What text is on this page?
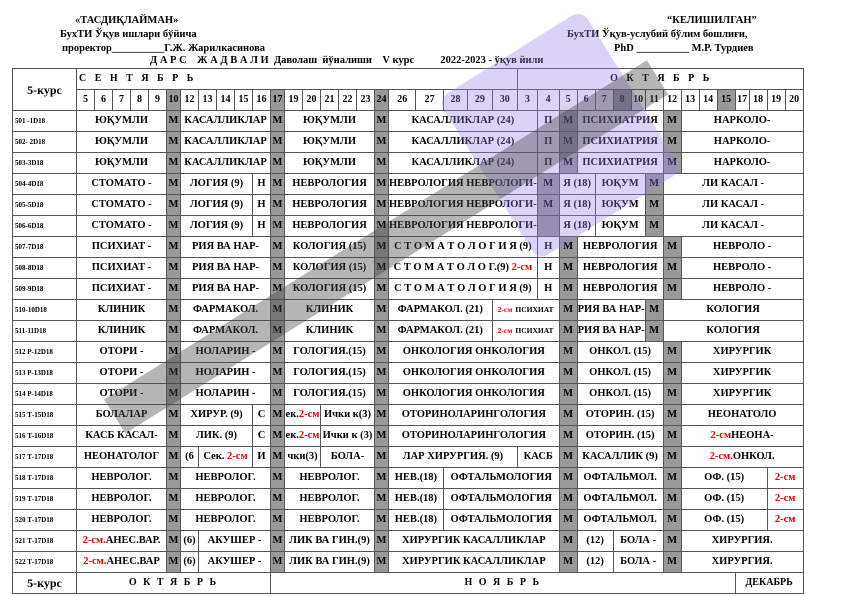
«ТАСДИҚЛАЙМАН»
БухТИ Ўқув ишлари бўйича
проректор__________Г.Ж. Жарилкасинова
“КЕЛИШИЛГАН”
БухТИ Ўқув-услубий бўлим бошлиғи,
PhD __________ М.Р. Турдиев
Д А Р С    Ж А Д В А Л И  Даволаш  йўналиши    V курс          2022-2023 - ўқув йили
5-курс	С Е Н Т Я Б Р Ь																							О К Т Я Б Р Ь															
	5	6	7	8	9	10	12	13	14	15	16	17	19	20	21	22	23	24	26	27	28	29	30	3	4	5	6	7	8	10	11	12	13	14	15	17	18	19	20
501 -1D18	ЮҚУМЛИ					М	КАСАЛЛИКЛАР					М	ЮҚУМЛИ					М	КАСАЛЛИКЛАР (24)						П	М	ПСИХИАТРИЯ					М	НАРКОЛО-						
502- 2D18	ЮҚУМЛИ					М	КАСАЛЛИКЛАР					М	ЮҚУМЛИ					М	КАСАЛЛИКЛАР (24)						П	М	ПСИХИАТРИЯ					М	НАРКОЛО-						
503-3D18	ЮҚУМЛИ					М	КАСАЛЛИКЛАР					М	ЮҚУМЛИ					М	КАСАЛЛИКЛАР (24)						П	М	ПСИХИАТРИЯ					М	НАРКОЛО-						
504-4D18	СТОМАТО -					М	ЛОГИЯ (9)				Н	М	НЕВРОЛОГИЯ					М	НЕВРОЛОГИЯ НЕВРОЛОГИ-						М	Я (18)		ЮҚУМ			М	ЛИ КАСАЛ -							
505-5D18	СТОМАТО -					М	ЛОГИЯ (9)				Н	М	НЕВРОЛОГИЯ					М	НЕВРОЛОГИЯ НЕВРОЛОГИ-						М	Я (18)		ЮҚУМ			М	ЛИ КАСАЛ -							
506-6D18	СТОМАТО -					М	ЛОГИЯ (9)				Н	М	НЕВРОЛОГИЯ					М	НЕВРОЛОГИЯ НЕВРОЛОГИ-							Я (18)		ЮҚУМ			М	ЛИ КАСАЛ -							
507-7D18	ПСИХИАТ -					М	РИЯ ВА НАР-					М	КОЛОГИЯ (15)					М	С Т О М А Т О Л О Г И Я (9)						Н	М	НЕВРОЛОГИЯ					М	НЕВРОЛО -						
508-8D18	ПСИХИАТ -					М	РИЯ ВА НАР-					М	КОЛОГИЯ (15)					М	С Т О М А Т О Л О Г.(9) 2-см						Н	М	НЕВРОЛОГИЯ					М	НЕВРОЛО -						
509-9D18	ПСИХИАТ -					М	РИЯ ВА НАР-					М	КОЛОГИЯ (15)					М	С Т О М А Т О Л О Г И Я (9)						Н	М	НЕВРОЛОГИЯ					М	НЕВРОЛО -						
510-10D18	КЛИНИК					М	ФАРМАКОЛ.					М	КЛИНИК					М	ФАРМАКОЛ. (21)				2-см ПСИХИАТ			М	РИЯ ВА НАР-				М	КОЛОГИЯ							
511-11D18	КЛИНИК					М	ФАРМАКОЛ.					М	КЛИНИК					М	ФАРМАКОЛ. (21)				2-см ПСИХИАТ			М	РИЯ ВА НАР-				М	КОЛОГИЯ							
512 Р-12D18	ОТОРИ -					М	НОЛАРИН -					М	ГОЛОГИЯ.(15)					М	ОНКОЛОГИЯ ОНКОЛОГИЯ							М	ОНКОЛ. (15)					М	ХИРУРГИК						
513 Р-13D18	ОТОРИ -					М	НОЛАРИН -					М	ГОЛОГИЯ.(15)					М	ОНКОЛОГИЯ ОНКОЛОГИЯ							М	ОНКОЛ. (15)					М	ХИРУРГИК						
514 Р-14D18	ОТОРИ -					М	НОЛАРИН -					М	ГОЛОГИЯ.(15)					М	ОНКОЛОГИЯ ОНКОЛОГИЯ							М	ОНКОЛ. (15)					М	ХИРУРГИК						
515 Т-15D18	БОЛАЛАР					М	ХИРУР. (9)				С	М	ек.2-см		Ички к(3)			М	ОТОРИНОЛАРИНГОЛОГИЯ							М	ОТОРИН. (15)					М	НЕОНАТОЛО						
516 Т-16D18	КАСБ КАСАЛ-					М	ЛИК. (9)				С	М	ек.2-см		Ички к (3)			М	ОТОРИНОЛАРИНГОЛОГИЯ							М	ОТОРИН. (15)					М	2-смНЕОНА-						
517 Т-17D18	НЕОНАТОЛОГ					М	(6	Сек. 2-см			И	М	чки(3)		БОЛА-			М	ЛАР ХИРУРГИЯ. (9)					КАСБ		М	КАСАЛЛИК (9)					М	2-см.ОНКОЛ.						
518 Т-17D18	НЕВРОЛОГ.					М	НЕВРОЛОГ.					М	НЕВРОЛОГ.					М	НЕВ.(18)		ОФТАЛЬМОЛОГИЯ					М	ОФТАЛЬМОЛ.					М	ОФ. (15)					2-см	
519 Т-17D18	НЕВРОЛОГ.					М	НЕВРОЛОГ.					М	НЕВРОЛОГ.					М	НЕВ.(18)		ОФТАЛЬМОЛОГИЯ					М	ОФТАЛЬМОЛ.					М	ОФ. (15)					2-см	
520 Т-17D18	НЕВРОЛОГ.					М	НЕВРОЛОГ.					М	НЕВРОЛОГ.					М	НЕВ.(18)		ОФТАЛЬМОЛОГИЯ					М	ОФТАЛЬМОЛ.					М	ОФ. (15)					2-см	
521 Т-17D18	2-см.АНЕС.ВАР.					М	(6)	АКУШЕР -				М	ЛИК ВА ГИН.(9)					М	ХИРУРГИК КАСАЛЛИКЛАР							М	(12)		БОЛА -			М	ХИРУРГИЯ.						
522 Т-17D18	2-см.АНЕС.ВАР					М	(6)	АКУШЕР -				М	ЛИК ВА ГИН.(9)					М	ХИРУРГИК КАСАЛЛИКЛАР							М	(12)		БОЛА -			М	ХИРУРГИЯ.						
5-курс	О К Т Я Б Р Ь											Н О Я Б Р Ь																								ДЕКАБРЬ			
